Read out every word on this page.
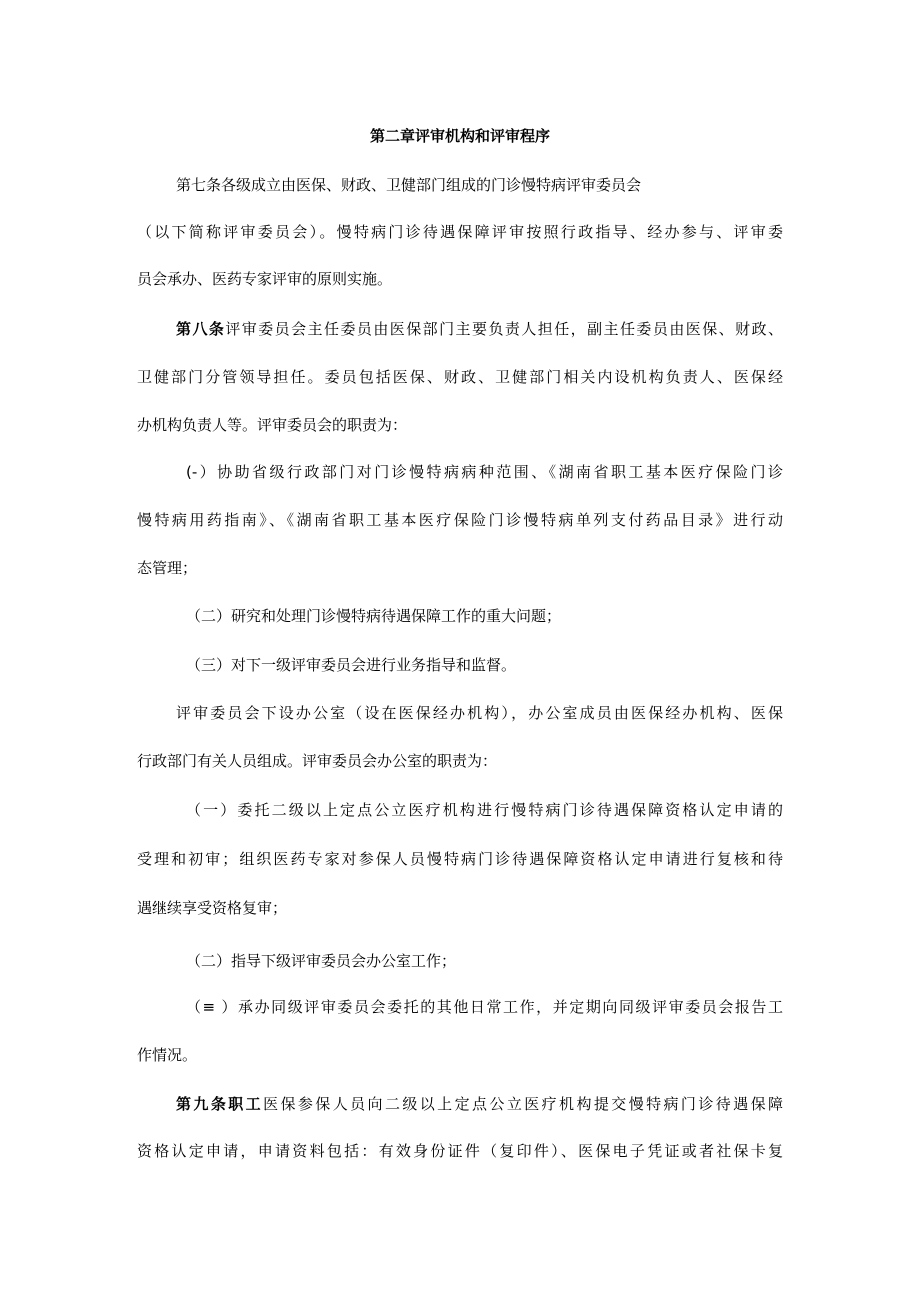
第二章评审机构和评审程序
第七条各级成立由医保、财政、卫健部门组成的门诊慢特病评审委员会
（以下简称评审委员会）。慢特病门诊待遇保障评审按照行政指导、经办参与、评审委
员会承办、医药专家评审的原则实施。
第八条评审委员会主任委员由医保部门主要负责人担任，副主任委员由医保、财政、
卫健部门分管领导担任。委员包括医保、财政、卫健部门相关内设机构负责人、医保经
办机构负责人等。评审委员会的职责为：
(-）协助省级行政部门对门诊慢特病病种范围、《湖南省职工基本医疗保险门诊
慢特病用药指南》、《湖南省职工基本医疗保险门诊慢特病单列支付药品目录》进行动
态管理；
（二）研究和处理门诊慢特病待遇保障工作的重大问题；
（三）对下一级评审委员会进行业务指导和监督。
评审委员会下设办公室（设在医保经办机构），办公室成员由医保经办机构、医保
行政部门有关人员组成。评审委员会办公室的职责为：
（一）委托二级以上定点公立医疗机构进行慢特病门诊待遇保障资格认定申请的
受理和初审；组织医药专家对参保人员慢特病门诊待遇保障资格认定申请进行复核和待
遇继续享受资格复审；
（二）指导下级评审委员会办公室工作；
（≡ ）承办同级评审委员会委托的其他日常工作，并定期向同级评审委员会报告工
作情况。
第九条职工医保参保人员向二级以上定点公立医疗机构提交慢特病门诊待遇保障
资格认定申请，申请资料包括：有效身份证件（复印件）、医保电子凭证或者社保卡复
